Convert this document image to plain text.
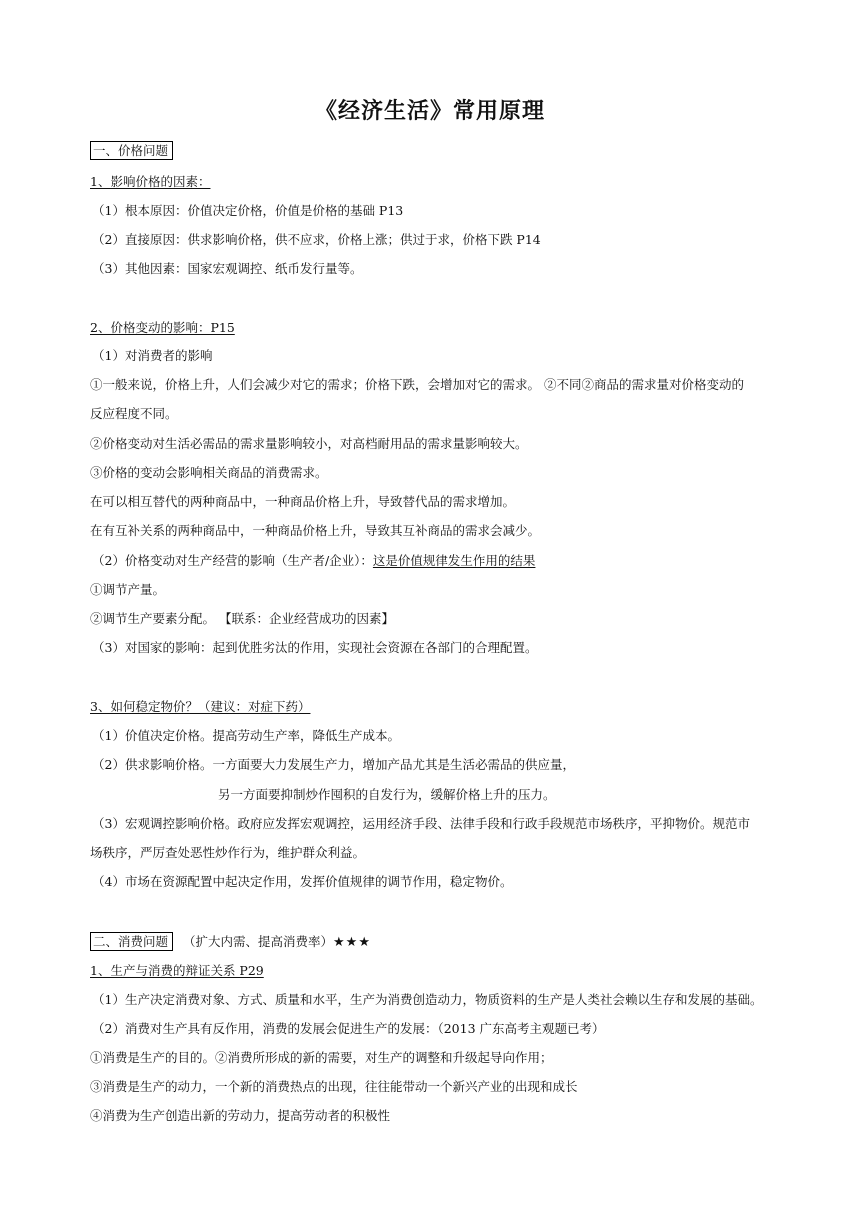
《经济生活》常用原理
一、价格问题
1、影响价格的因素：
（1）根本原因：价值决定价格，价值是价格的基础 P13
（2）直接原因：供求影响价格，供不应求，价格上涨；供过于求，价格下跌 P14
（3）其他因素：国家宏观调控、纸币发行量等。
2、价格变动的影响：P15
（1）对消费者的影响
①一般来说，价格上升，人们会减少对它的需求；价格下跌，会增加对它的需求。 ②不同②商品的需求量对价格变动的
反应程度不同。
②价格变动对生活必需品的需求量影响较小，对高档耐用品的需求量影响较大。
③价格的变动会影响相关商品的消费需求。
在可以相互替代的两种商品中，一种商品价格上升，导致替代品的需求增加。
在有互补关系的两种商品中，一种商品价格上升，导致其互补商品的需求会减少。
（2）价格变动对生产经营的影响（生产者/企业）：这是价值规律发生作用的结果
①调节产量。
②调节生产要素分配。 【联系：企业经营成功的因素】
（3）对国家的影响：起到优胜劣汰的作用，实现社会资源在各部门的合理配置。
3、如何稳定物价？（建议：对症下药）
（1）价值决定价格。提高劳动生产率，降低生产成本。
（2）供求影响价格。一方面要大力发展生产力，增加产品尤其是生活必需品的供应量，
另一方面要抑制炒作囤积的自发行为，缓解价格上升的压力。
（3）宏观调控影响价格。政府应发挥宏观调控，运用经济手段、法律手段和行政手段规范市场秩序，平抑物价。规范市
场秩序，严厉查处恶性炒作行为，维护群众利益。
（4）市场在资源配置中起决定作用，发挥价值规律的调节作用，稳定物价。
二、消费问题 （扩大内需、提高消费率）★★★
1、生产与消费的辩证关系 P29
（1）生产决定消费对象、方式、质量和水平，生产为消费创造动力，物质资料的生产是人类社会赖以生存和发展的基础。
（2）消费对生产具有反作用，消费的发展会促进生产的发展：（2013 广东高考主观题已考）
①消费是生产的目的。②消费所形成的新的需要，对生产的调整和升级起导向作用；
③消费是生产的动力，一个新的消费热点的出现，往往能带动一个新兴产业的出现和成长
④消费为生产创造出新的劳动力，提高劳动者的积极性
